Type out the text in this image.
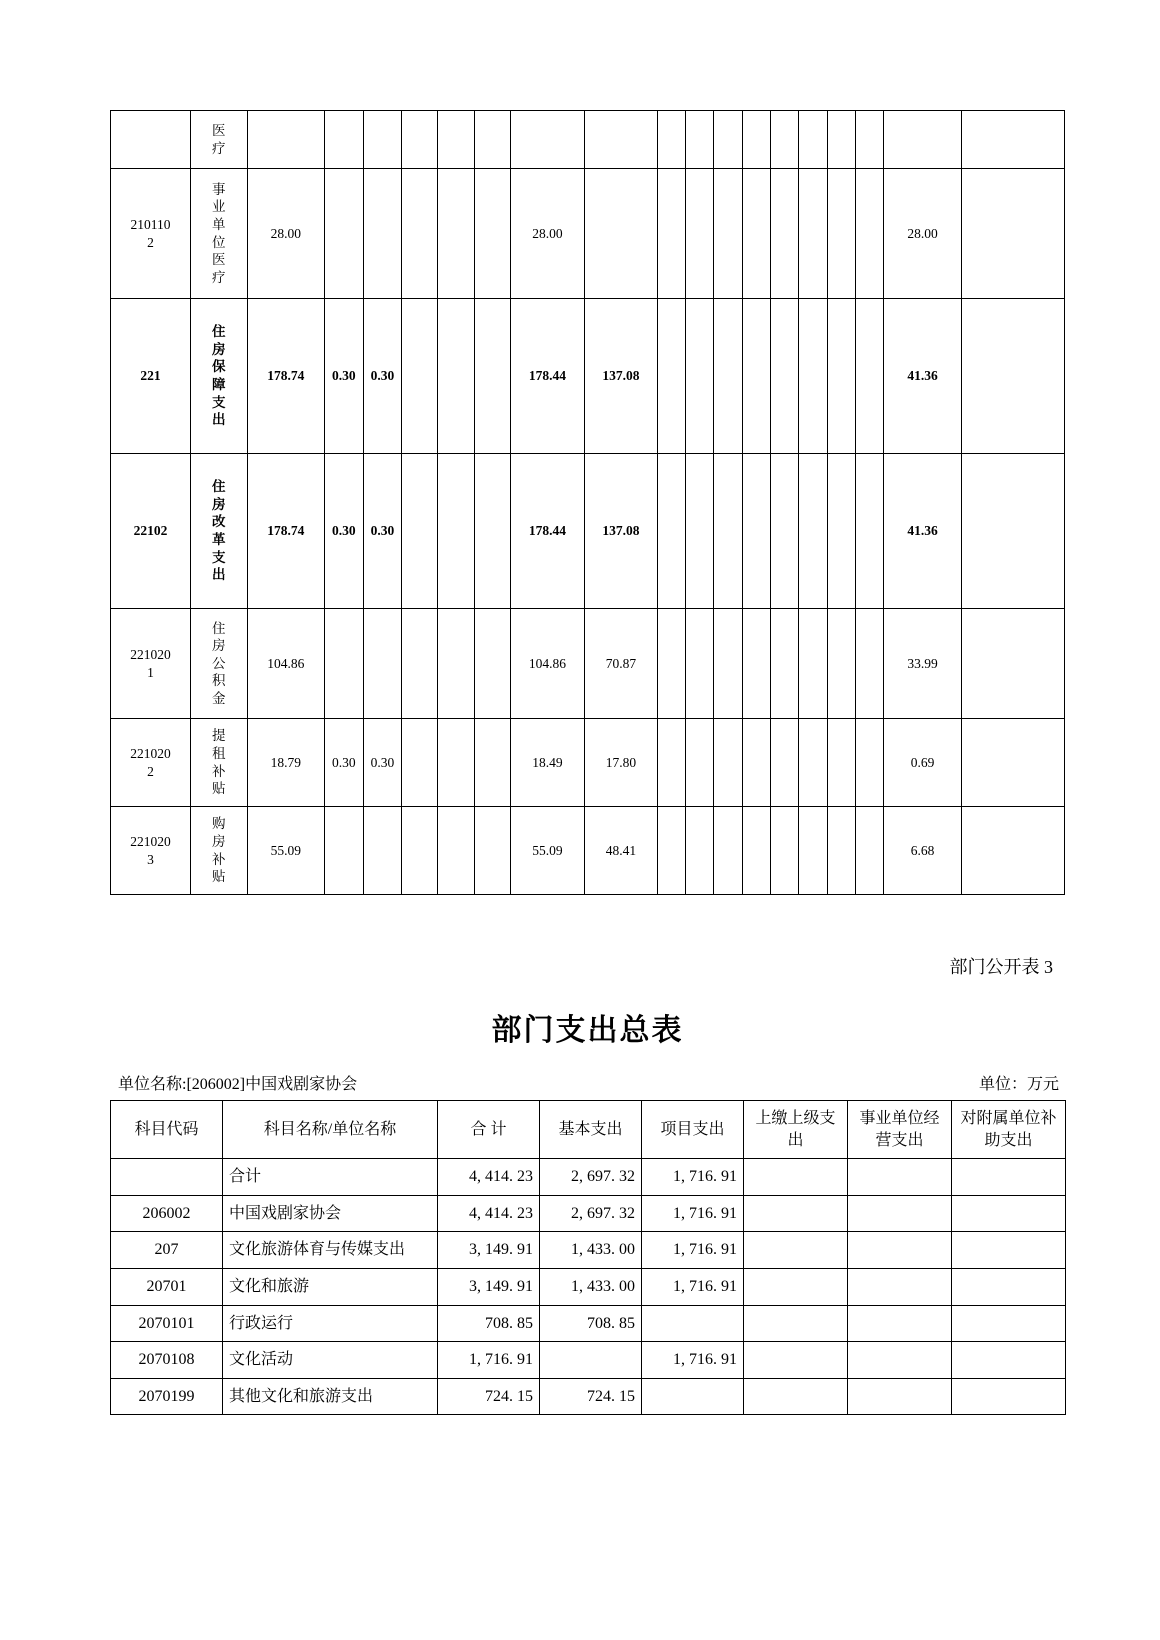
	医疗																		

2101102	事业单位医疗	28.00						28.00										28.00	

221	住房保障支出	178.74	0.30	0.30				178.44	137.08									41.36	

22102	住房改革支出	178.74	0.30	0.30				178.44	137.08									41.36	

2210201	住房公积金	104.86						104.86	70.87									33.99	

2210202	提租补贴	18.79	0.30	0.30				18.49	17.80									0.69	

2210203	购房补贴	55.09						55.09	48.41									6.68	
部门公开表 3
部门支出总表
单位名称:[206002]中国戏剧家协会	单位：万元
科目代码	科目名称/单位名称	合 计	基本支出	项目支出	上缴上级支出	事业单位经营支出	对附属单位补助支出
	合计	4, 414. 23	2, 697. 32	1, 716. 91			
206002	中国戏剧家协会	4, 414. 23	2, 697. 32	1, 716. 91			
207	文化旅游体育与传媒支出	3, 149. 91	1, 433. 00	1, 716. 91			
20701	文化和旅游	3, 149. 91	1, 433. 00	1, 716. 91			
2070101	行政运行	708. 85	708. 85				
2070108	文化活动	1, 716. 91		1, 716. 91			
2070199	其他文化和旅游支出	724. 15	724. 15				
